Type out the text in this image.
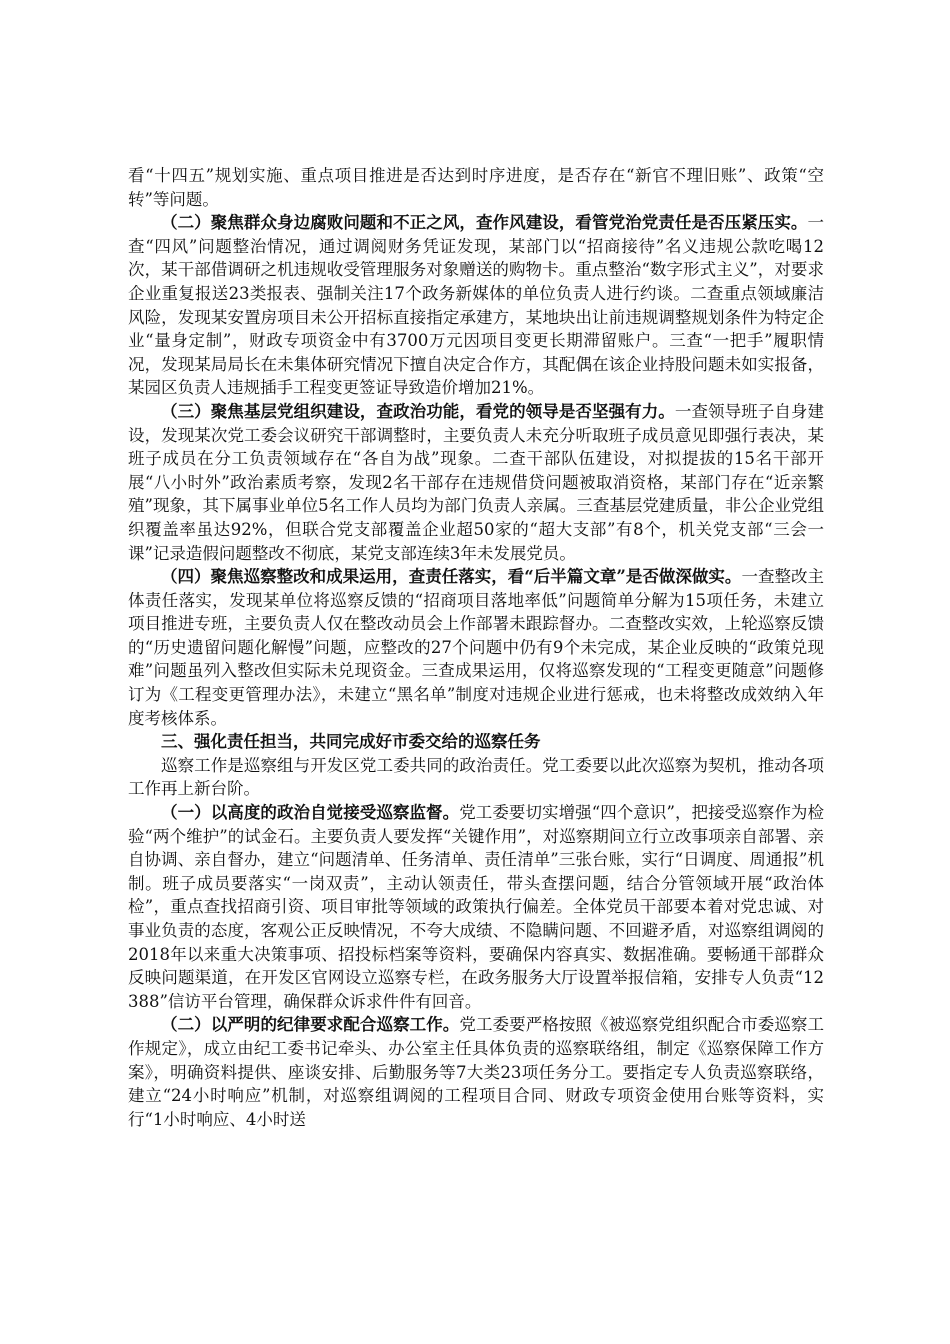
看“十四五”规划实施、重点项目推进是否达到时序进度，是否存在“新官不理旧账”、政策“空转”等问题。

（二）聚焦群众身边腐败问题和不正之风，查作风建设，看管党治党责任是否压紧压实。一查“四风”问题整治情况，通过调阅财务凭证发现，某部门以“招商接待”名义违规公款吃喝12次，某干部借调研之机违规收受管理服务对象赠送的购物卡。重点整治“数字形式主义”，对要求企业重复报送23类报表、强制关注17个政务新媒体的单位负责人进行约谈。二查重点领域廉洁风险，发现某安置房项目未公开招标直接指定承建方，某地块出让前违规调整规划条件为特定企业“量身定制”，财政专项资金中有3700万元因项目变更长期滞留账户。三查“一把手”履职情况，发现某局局长在未集体研究情况下擅自决定合作方，其配偶在该企业持股问题未如实报备，某园区负责人违规插手工程变更签证导致造价增加21%。

（三）聚焦基层党组织建设，查政治功能，看党的领导是否坚强有力。一查领导班子自身建设，发现某次党工委会议研究干部调整时，主要负责人未充分听取班子成员意见即强行表决，某班子成员在分工负责领域存在“各自为战”现象。二查干部队伍建设，对拟提拔的15名干部开展“八小时外”政治素质考察，发现2名干部存在违规借贷问题被取消资格，某部门存在“近亲繁殖”现象，其下属事业单位5名工作人员均为部门负责人亲属。三查基层党建质量，非公企业党组织覆盖率虽达92%，但联合党支部覆盖企业超50家的“超大支部”有8个，机关党支部“三会一课”记录造假问题整改不彻底，某党支部连续3年未发展党员。

（四）聚焦巡察整改和成果运用，查责任落实，看“后半篇文章”是否做深做实。一查整改主体责任落实，发现某单位将巡察反馈的“招商项目落地率低”问题简单分解为15项任务，未建立项目推进专班，主要负责人仅在整改动员会上作部署未跟踪督办。二查整改实效，上轮巡察反馈的“历史遗留问题化解慢”问题，应整改的27个问题中仍有9个未完成，某企业反映的“政策兑现难”问题虽列入整改但实际未兑现资金。三查成果运用，仅将巡察发现的“工程变更随意”问题修订为《工程变更管理办法》，未建立“黑名单”制度对违规企业进行惩戒，也未将整改成效纳入年度考核体系。

三、强化责任担当，共同完成好市委交给的巡察任务

巡察工作是巡察组与开发区党工委共同的政治责任。党工委要以此次巡察为契机，推动各项工作再上新台阶。

（一）以高度的政治自觉接受巡察监督。党工委要切实增强“四个意识”，把接受巡察作为检验“两个维护”的试金石。主要负责人要发挥“关键作用”，对巡察期间立行立改事项亲自部署、亲自协调、亲自督办，建立“问题清单、任务清单、责任清单”三张台账，实行“日调度、周通报”机制。班子成员要落实“一岗双责”，主动认领责任，带头查摆问题，结合分管领域开展“政治体检”，重点查找招商引资、项目审批等领域的政策执行偏差。全体党员干部要本着对党忠诚、对事业负责的态度，客观公正反映情况，不夸大成绩、不隐瞒问题、不回避矛盾，对巡察组调阅的2018年以来重大决策事项、招投标档案等资料，要确保内容真实、数据准确。要畅通干部群众反映问题渠道，在开发区官网设立巡察专栏，在政务服务大厅设置举报信箱，安排专人负责“12388”信访平台管理，确保群众诉求件件有回音。

（二）以严明的纪律要求配合巡察工作。党工委要严格按照《被巡察党组织配合市委巡察工作规定》，成立由纪工委书记牵头、办公室主任具体负责的巡察联络组，制定《巡察保障工作方案》，明确资料提供、座谈安排、后勤服务等7大类23项任务分工。要指定专人负责巡察联络，建立“24小时响应”机制，对巡察组调阅的工程项目合同、财政专项资金使用台账等资料，实行“1小时响应、4小时送
